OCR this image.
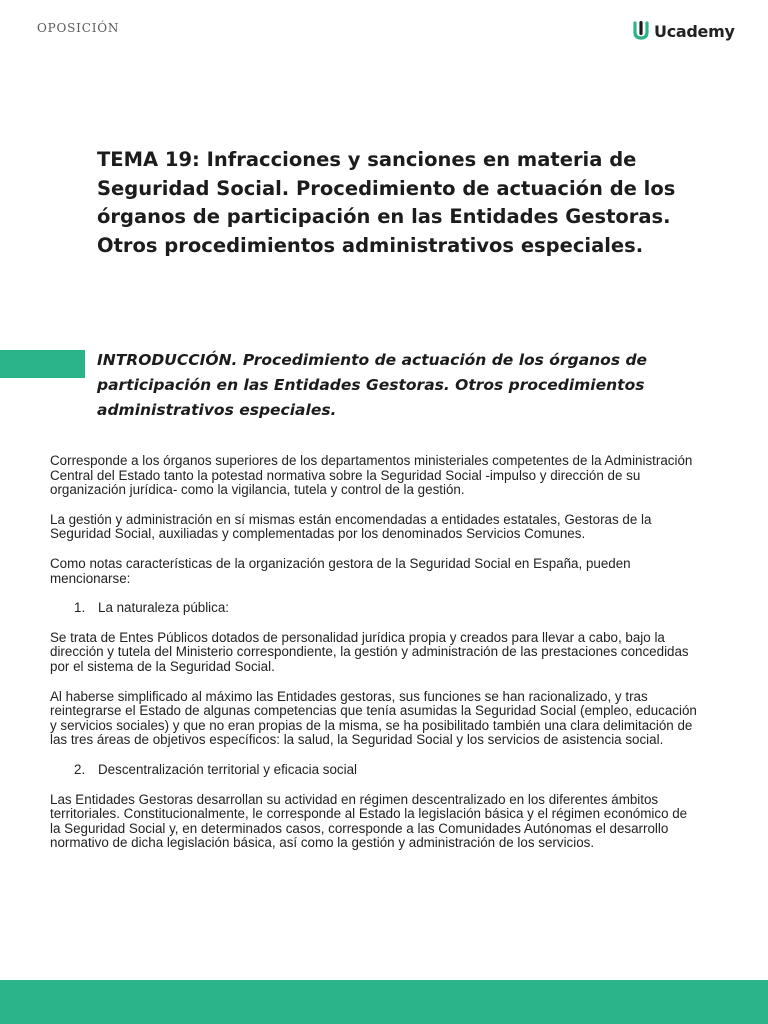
OPOSICIÓN	Ucademy
TEMA 19: Infracciones y sanciones en materia de Seguridad Social. Procedimiento de actuación de los órganos de participación en las Entidades Gestoras. Otros procedimientos administrativos especiales.
INTRODUCCIÓN. Procedimiento de actuación de los órganos de participación en las Entidades Gestoras. Otros procedimientos administrativos especiales.

Corresponde a los órganos superiores de los departamentos ministeriales competentes de la Administración Central del Estado tanto la potestad normativa sobre la Seguridad Social -impulso y dirección de su organización jurídica- como la vigilancia, tutela y control de la gestión.

La gestión y administración en sí mismas están encomendadas a entidades estatales, Gestoras de la Seguridad Social, auxiliadas y complementadas por los denominados Servicios Comunes.

Como notas características de la organización gestora de la Seguridad Social en España, pueden mencionarse:

1. La naturaleza pública:

Se trata de Entes Públicos dotados de personalidad jurídica propia y creados para llevar a cabo, bajo la dirección y tutela del Ministerio correspondiente, la gestión y administración de las prestaciones concedidas por el sistema de la Seguridad Social.

Al haberse simplificado al máximo las Entidades gestoras, sus funciones se han racionalizado, y tras reintegrarse el Estado de algunas competencias que tenía asumidas la Seguridad Social (empleo, educación y servicios sociales) y que no eran propias de la misma, se ha posibilitado también una clara delimitación de las tres áreas de objetivos específicos: la salud, la Seguridad Social y los servicios de asistencia social.

2. Descentralización territorial y eficacia social

Las Entidades Gestoras desarrollan su actividad en régimen descentralizado en los diferentes ámbitos territoriales. Constitucionalmente, le corresponde al Estado la legislación básica y el régimen económico de la Seguridad Social y, en determinados casos, corresponde a las Comunidades Autónomas el desarrollo normativo de dicha legislación básica, así como la gestión y administración de los servicios.
